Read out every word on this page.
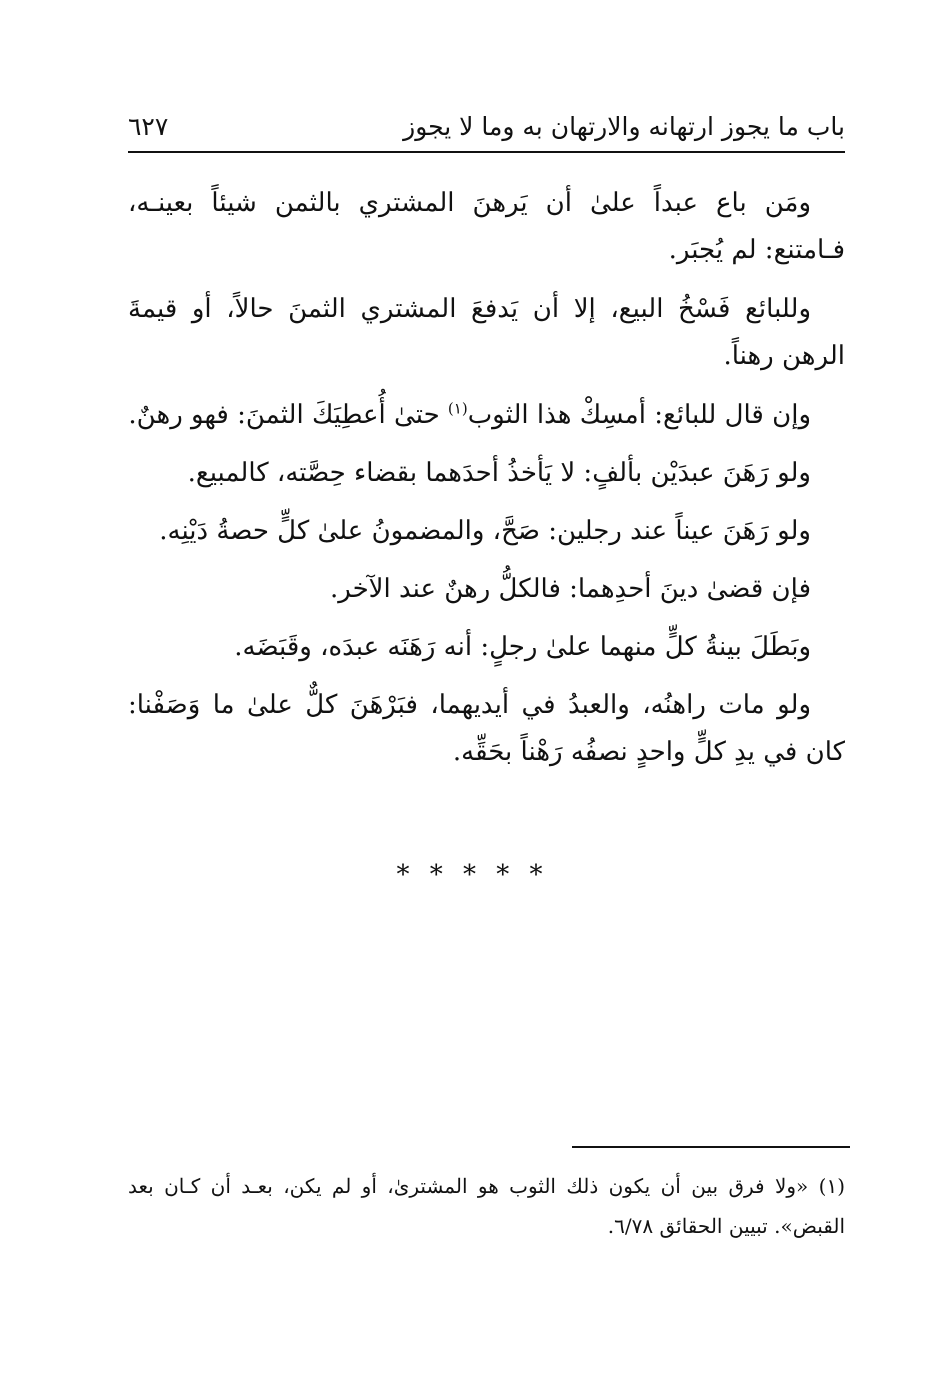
باب ما يجوز ارتهانه والارتهان به وما لا يجوز
٦٢٧

ومَن باع عبداً علىٰ أن يَرهنَ المشتري بالثمن شيئاً بعينـه، فـامتنع: لم يُجبَر.

وللبائع فَسْخُ البيع، إلا أن يَدفعَ المشتري الثمنَ حالاً، أو قيمةَ الرهن رهناً.

وإن قال للبائع: أمسِكْ هذا الثوب$^{(١)}$ حتىٰ أُعطِيَكَ الثمنَ: فهو رهنٌ.

ولو رَهَنَ عبدَيْن بألفٍ: لا يَأخذُ أحدَهما بقضاء حِصَّته، كالمبيع.

ولو رَهَنَ عيناً عند رجلين: صَحَّ، والمضمونُ علىٰ كلٍّ حصةُ دَيْنِه.

فإن قضىٰ دينَ أحدِهما: فالكلُّ رهنٌ عند الآخر.

وبَطَلَ بينةُ كلٍّ منهما علىٰ رجلٍ: أنه رَهَنَه عبدَه، وقَبَضَه.

ولو مات راهنُه، والعبدُ في أيديهما، فبَرْهَنَ كلٌّ علىٰ ما وَصَفْنا: كان في يدِ كلٍّ واحدٍ نصفُه رَهْناً بحَقِّه.

* * * * *

(١) «ولا فرق بين أن يكون ذلك الثوب هو المشترىٰ، أو لم يكن، بعـد أن كـان بعد القبض». تبيين الحقائق ٦/٧٨.
